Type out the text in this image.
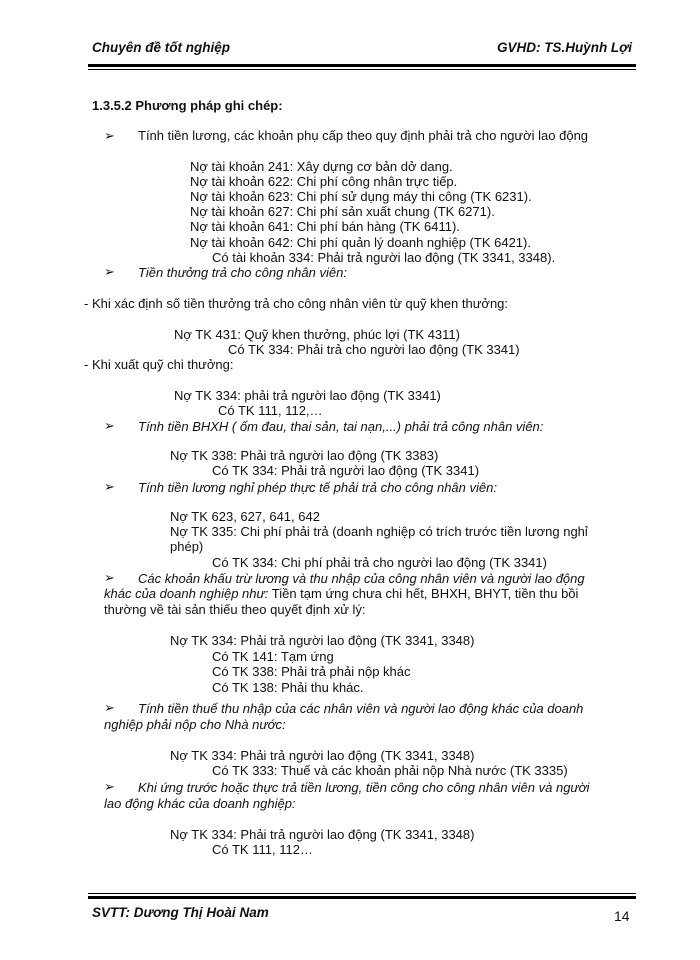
Chuyên đề tốt nghiệp	GVHD: TS.Huỳnh Lợi
1.3.5.2 Phương pháp ghi chép:
➢ Tính tiền lương, các khoản phụ cấp theo quy định phải trả cho người lao động
Nợ tài khoản 241: Xây dựng cơ bản dở dang.
Nợ tài khoản 622: Chi phí công nhân trực tiếp.
Nợ tài khoản 623: Chi phí sử dụng máy thi công (TK 6231).
Nợ tài khoản 627: Chi phí sản xuất chung (TK 6271).
Nợ tài khoản 641: Chi phí bán hàng (TK 6411).
Nợ tài khoản 642: Chi phí quản lý doanh nghiệp (TK 6421).
Có tài khoản 334: Phải trả người lao động (TK 3341, 3348).
➢ Tiền thưởng trả cho công nhân viên:
- Khi xác định số tiền thưởng trả cho công nhân viên từ quỹ khen thưởng:
Nợ TK 431: Quỹ khen thưởng, phúc lợi (TK 4311)
Có TK 334: Phải trả cho người lao động (TK 3341)
- Khi xuất quỹ chi thưởng:
Nợ TK 334: phải trả người lao động (TK 3341)
Có TK 111, 112,…
➢ Tính tiền BHXH ( ốm đau, thai sản, tai nạn,...) phải trả công nhân viên:
Nợ TK 338: Phải trả người lao động (TK 3383)
Có TK 334: Phải trả người lao động (TK 3341)
➢ Tính tiền lương nghỉ phép thực tế phải trả cho công nhân viên:
Nợ TK 623, 627, 641, 642
Nợ TK 335: Chi phí phải trả (doanh nghiệp có trích trước tiền lương nghỉ
phép)
Có TK 334: Chi phí phải trả cho người lao động (TK 3341)
➢ Các khoản khấu trừ lương và thu nhập của công nhân viên và người lao động
khác của doanh nghiệp như: Tiền tạm ứng chưa chi hết, BHXH, BHYT, tiền thu bồi
thường về tài sản thiếu theo quyết định xử lý:
Nợ TK 334: Phải trả người lao động (TK 3341, 3348)
Có TK 141: Tạm ứng
Có TK 338: Phải trả phải nộp khác
Có TK 138: Phải thu khác.
➢ Tính tiền thuế thu nhập của các nhân viên và người lao động khác của doanh
nghiệp phải nộp cho Nhà nước:
Nợ TK 334: Phải trả người lao động (TK 3341, 3348)
Có TK 333: Thuế và các khoản phải nộp Nhà nước (TK 3335)
➢ Khi ứng trước hoặc thực trả tiền lương, tiền công cho công nhân viên và người
lao động khác của doanh nghiệp:
Nợ TK 334: Phải trả người lao động (TK 3341, 3348)
Có TK 111, 112…
SVTT: Dương Thị Hoài Nam	14
